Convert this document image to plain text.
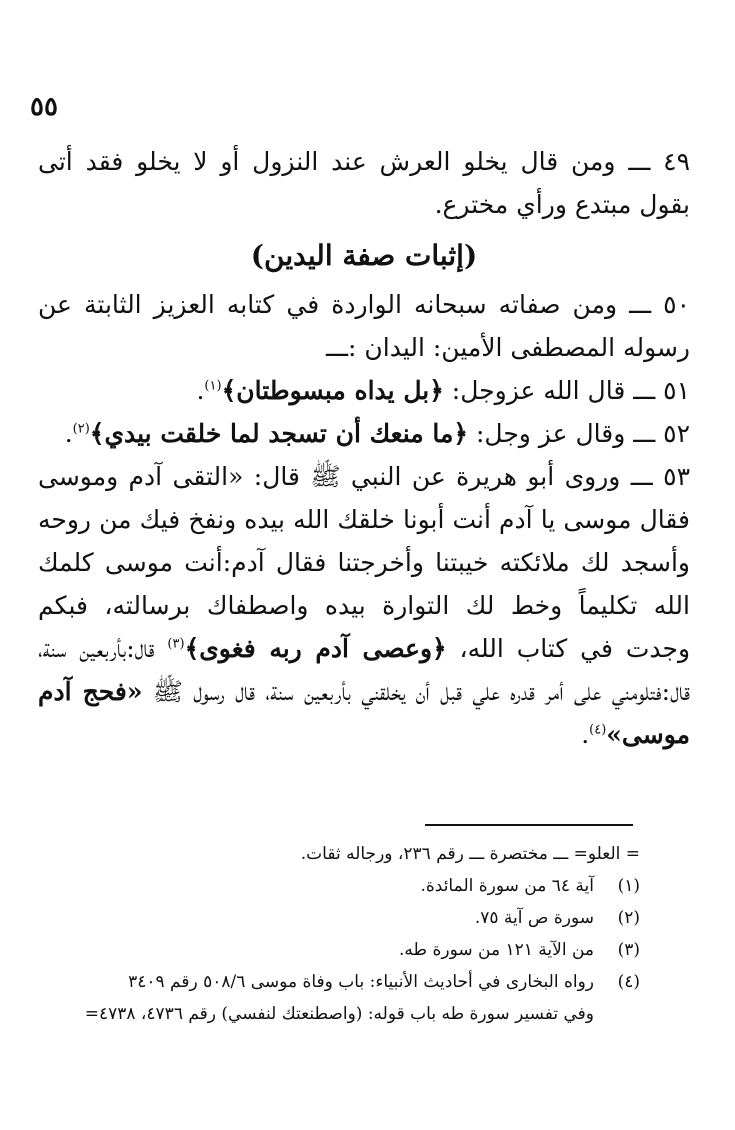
٥٥

٤٩ ـــ ومن قال يخلو العرش عند النزول أو لا يخلو فقد أتى بقول مبتدع ورأي مخترع.

(إثبات صفة اليدين)

٥٠ ـــ ومن صفاته سبحانه الواردة في كتابه العزيز الثابتة عن رسوله المصطفى الأمين: اليدان :ـــ

٥١ ـــ قال الله عزوجل: ﴿بل يداه مبسوطتان﴾$^{(١)}$.

٥٢ ـــ وقال عز وجل: ﴿ما منعك أن تسجد لما خلقت بيدي﴾$^{(٢)}$.

٥٣ ـــ وروى أبو هريرة عن النبي ﷺ قال: «التقى آدم وموسى فقال موسى يا آدم أنت أبونا خلقك الله بيده ونفخ فيك من روحه وأسجد لك ملائكته خيبتنا وأخرجتنا فقال آدم:أنت موسى كلمك الله تكليماً وخط لك التوارة بيده واصطفاك برسالته، فبكم وجدت في كتاب الله، ﴿وعصى آدم ربه فغوى﴾$^{(٣)}$ قال:بأربعين سنة، قال:فتلومني على أمر قدره علي قبل أن يخلقني بأربعين سنة، قال رسول ﷺ «فحج آدم موسى»$^{(٤)}$.

= العلو= ـــ مختصرة ـــ رقم ٢٣٦، ورجاله ثقات.
(١)
آية ٦٤ من سورة المائدة.
(٢)
سورة ص آية ٧٥.
(٣)
من الآية ١٢١ من سورة طه.
(٤)
رواه البخارى في أحاديث الأنبياء: باب وفاة موسى ٥٠٨/٦ رقم ٣٤٠٩
وفي تفسير سورة طه باب قوله: (واصطنعتك لنفسي) رقم ٤٧٣٦، ٤٧٣٨=
